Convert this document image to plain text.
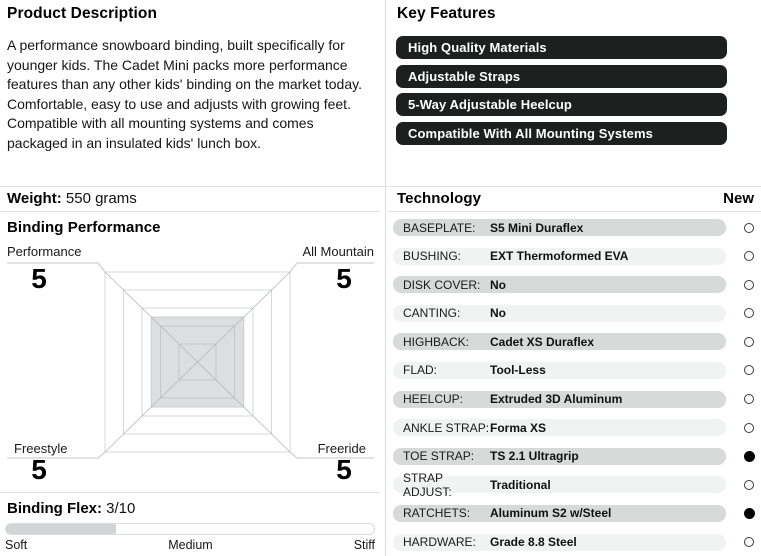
Product Description
A performance snowboard binding, built specifically for younger kids. The Cadet Mini packs more performance features than any other kids' binding on the market today. Comfortable, easy to use and adjusts with growing feet. Compatible with all mounting systems and comes packaged in an insulated kids' lunch box.
Weight: 550 grams
Binding Performance
Performance
5
All Mountain
5
Freestyle
5
Freeride
5
Binding Flex: 3/10
Soft	Medium	Stiff
Key Features
High Quality Materials
Adjustable Straps
5-Way Adjustable Heelcup
Compatible With All Mounting Systems
Technology	New
BASEPLATE:	S5 Mini Duraflex
BUSHING:	EXT Thermoformed EVA
DISK COVER: No
CANTING:	No
HIGHBACK:	Cadet XS Duraflex
FLAD:	Tool-Less
HEELCUP:	Extruded 3D Aluminum
ANKLE STRAP: Forma XS
TOE STRAP:	TS 2.1 Ultragrip
STRAP ADJUST:	Traditional
RATCHETS:	Aluminum S2 w/Steel
HARDWARE:	Grade 8.8 Steel
